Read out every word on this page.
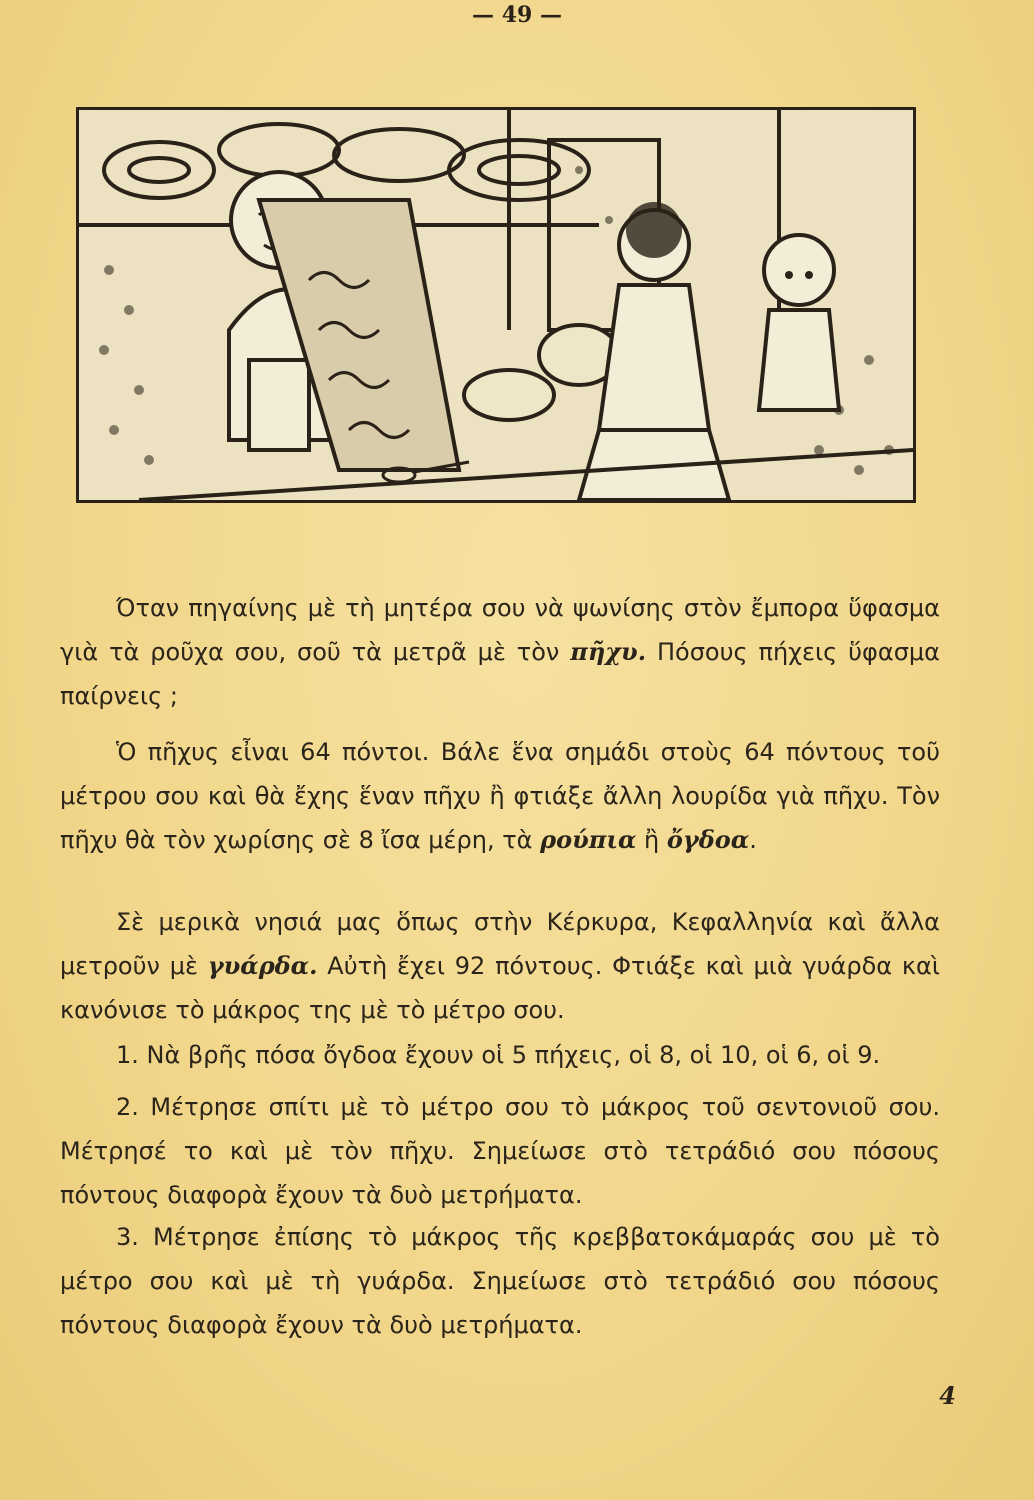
— 49 —
Όταν πηγαίνης μὲ τὴ μητέρα σου νὰ ψωνίσης στὸν ἔμπορα ὕφασμα γιὰ τὰ ροῦχα σου, σοῦ τὰ μετρᾶ μὲ τὸν πῆχυ. Πόσους πήχεις ὕφασμα παίρνεις ;
Ὁ πῆχυς εἶναι 64 πόντοι. Βάλε ἕνα σημάδι στοὺς 64 πόντους τοῦ μέτρου σου καὶ θὰ ἔχης ἕναν πῆχυ ἢ φτιάξε ἄλλη λουρίδα γιὰ πῆχυ. Τὸν πῆχυ θὰ τὸν χωρίσης σὲ 8 ἴσα μέρη, τὰ ρούπια ἢ ὄγδοα.
Σὲ μερικὰ νησιά μας ὅπως στὴν Κέρκυρα, Κεφαλληνία καὶ ἄλλα μετροῦν μὲ γυάρδα. Αὐτὴ ἔχει 92 πόντους. Φτιάξε καὶ μιὰ γυάρδα καὶ κανόνισε τὸ μάκρος της μὲ τὸ μέτρο σου.
1. Νὰ βρῆς πόσα ὄγδοα ἔχουν οἱ 5 πήχεις, οἱ 8, οἱ 10, οἱ 6, οἱ 9.
2. Μέτρησε σπίτι μὲ τὸ μέτρο σου τὸ μάκρος τοῦ σεντονιοῦ σου. Μέτρησέ το καὶ μὲ τὸν πῆχυ. Σημείωσε στὸ τετράδιό σου πόσους πόντους διαφορὰ ἔχουν τὰ δυὸ μετρήματα.
3. Μέτρησε ἐπίσης τὸ μάκρος τῆς κρεββατοκάμαράς σου μὲ τὸ μέτρο σου καὶ μὲ τὴ γυάρδα. Σημείωσε στὸ τετράδιό σου πόσους πόντους διαφορὰ ἔχουν τὰ δυὸ μετρήματα.
4
